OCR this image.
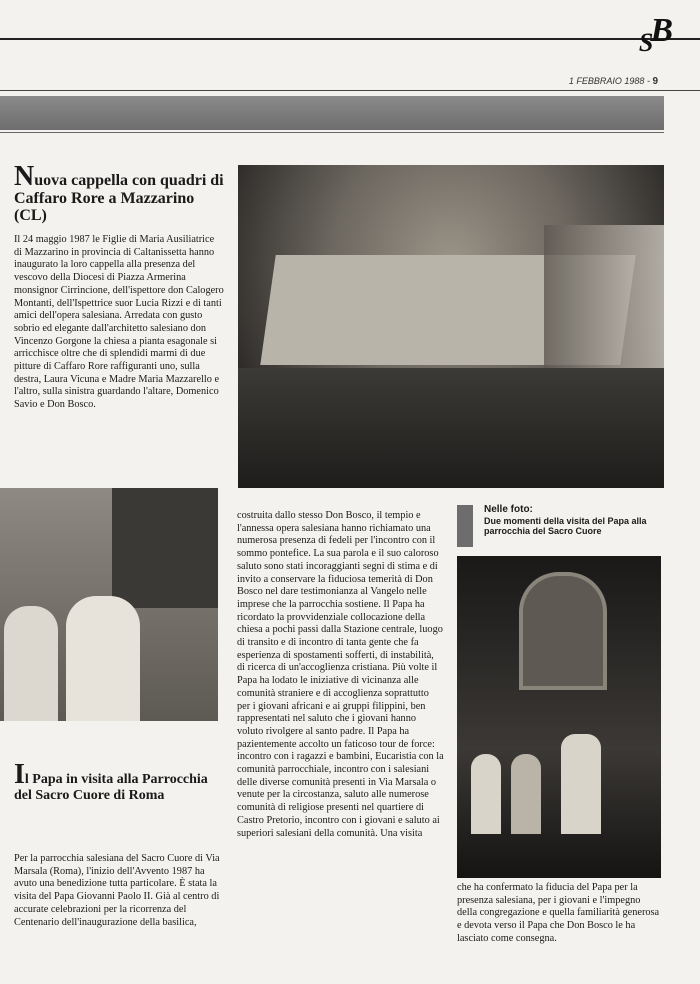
$_S$B
1 FEBBRAIO 1988 - 9
Nuova cappella con quadri di Caffaro Rore a Mazzarino (CL)

Il 24 maggio 1987 le Figlie di Maria Ausiliatrice di Mazzarino in provincia di Caltanissetta hanno inaugurato la loro cappella alla presenza del vescovo della Diocesi di Piazza Armerina monsignor Cirrincione, dell'ispettore don Calogero Montanti, dell'Ispettrice suor Lucia Rizzi e di tanti amici dell'opera salesiana. Arredata con gusto sobrio ed elegante dall'architetto salesiano don Vincenzo Gorgone la chiesa a pianta esagonale si arricchisce oltre che di splendidi marmi di due pitture di Caffaro Rore raffiguranti uno, sulla destra, Laura Vicuna e Madre Maria Mazzarello e l'altro, sulla sinistra guardando l'altare, Domenico Savio e Don Bosco.

Il Papa in visita alla Parrocchia del Sacro Cuore di Roma

Per la parrocchia salesiana del Sacro Cuore di Via Marsala (Roma), l'inizio dell'Avvento 1987 ha avuto una benedizione tutta particolare. È stata la visita del Papa Giovanni Paolo II. Già al centro di accurate celebrazioni per la ricorrenza del Centenario dell'inaugurazione della basilica,

costruita dallo stesso Don Bosco, il tempio e l'annessa opera salesiana hanno richiamato una numerosa presenza di fedeli per l'incontro con il sommo pontefice. La sua parola e il suo caloroso saluto sono stati incoraggianti segni di stima e di invito a conservare la fiduciosa temerità di Don Bosco nel dare testimonianza al Vangelo nelle imprese che la parrocchia sostiene. Il Papa ha ricordato la provvidenziale collocazione della chiesa a pochi passi dalla Stazione centrale, luogo di transito e di incontro di tanta gente che fa esperienza di spostamenti sofferti, di instabilità, di ricerca di un'accoglienza cristiana. Più volte il Papa ha lodato le iniziative di vicinanza alle comunità straniere e di accoglienza soprattutto per i giovani africani e ai gruppi filippini, ben rappresentati nel saluto che i giovani hanno voluto rivolgere al santo padre. Il Papa ha pazientemente accolto un faticoso tour de force: incontro con i ragazzi e bambini, Eucaristia con la comunità parrocchiale, incontro con i salesiani delle diverse comunità presenti in Via Marsala o venute per la circostanza, saluto alle numerose comunità di religiose presenti nel quartiere di Castro Pretorio, incontro con i giovani e saluto ai superiori salesiani della comunità. Una visita

Nelle foto:
Due momenti della visita del Papa alla parrocchia del Sacro Cuore

che ha confermato la fiducia del Papa per la presenza salesiana, per i giovani e l'impegno della congregazione e quella familiarità generosa e devota verso il Papa che Don Bosco le ha lasciato come consegna.
